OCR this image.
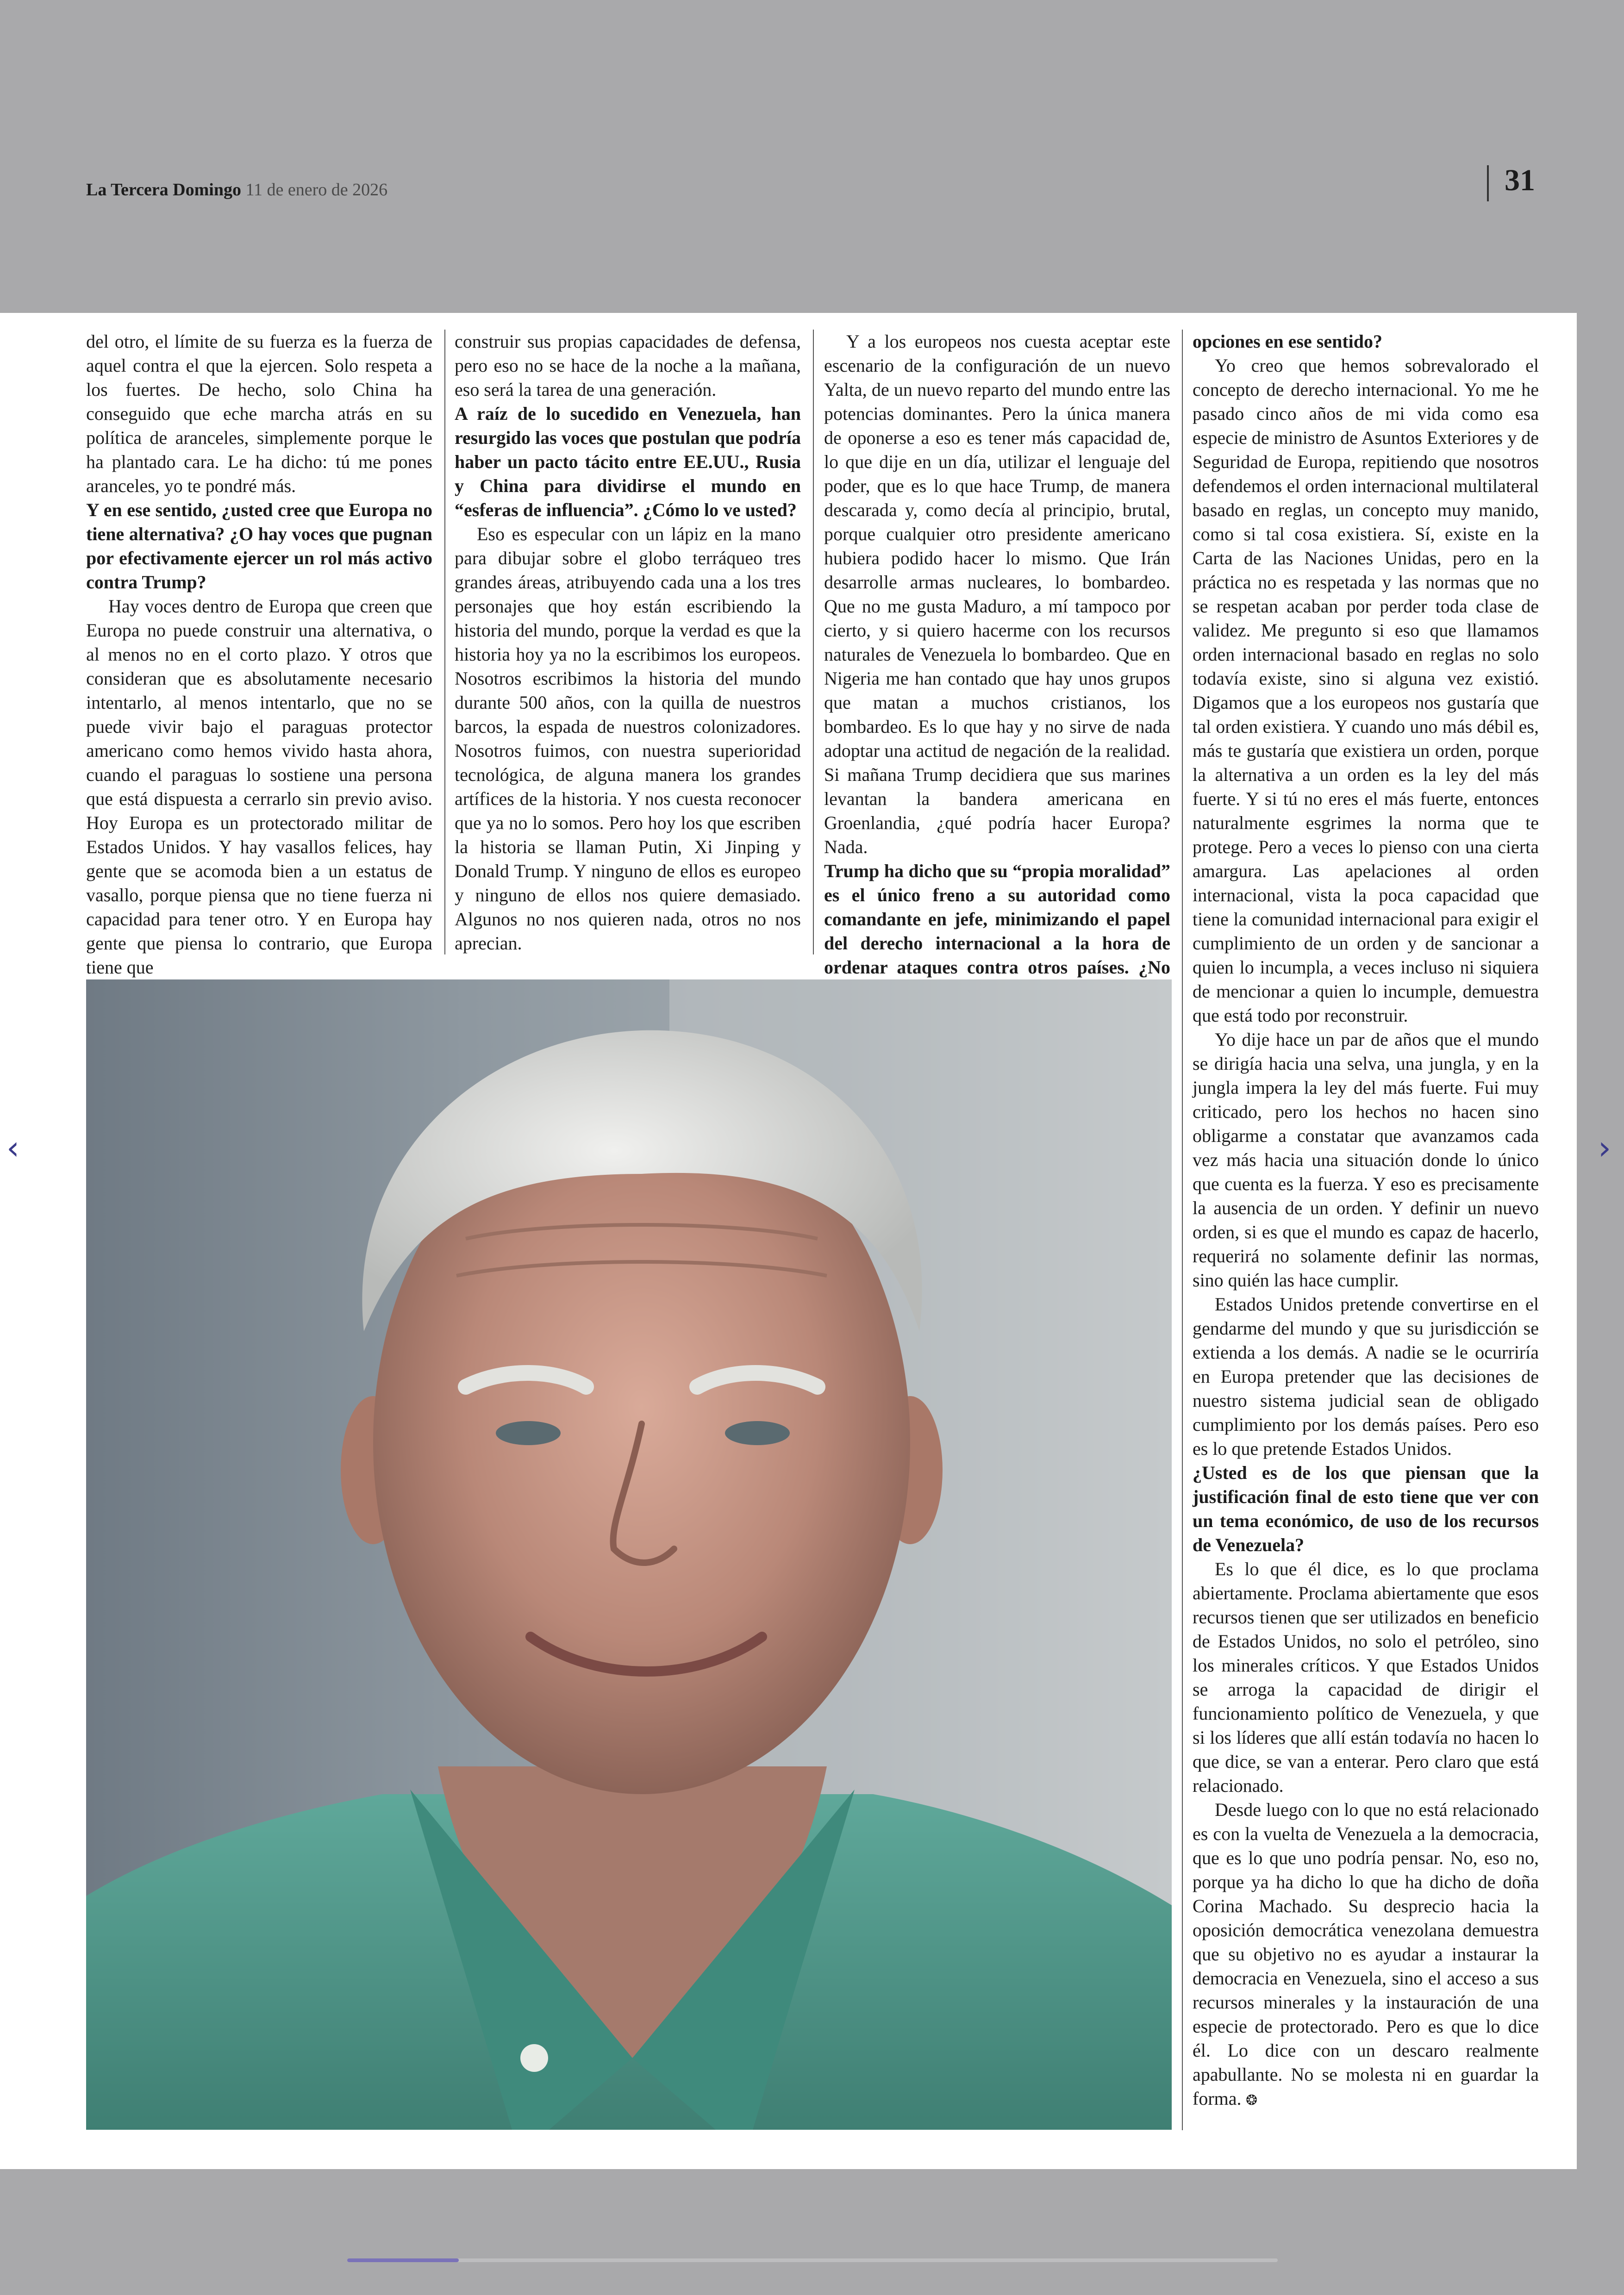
La Tercera Domingo 11 de enero de 2026	31

del otro, el límite de su fuerza es la fuerza de aquel contra el que la ejercen. Solo respeta a los fuertes. De hecho, solo China ha conseguido que eche marcha atrás en su política de aranceles, simplemente porque le ha plantado cara. Le ha dicho: tú me pones aranceles, yo te pondré más.

Y en ese sentido, ¿usted cree que Europa no tiene alternativa? ¿O hay voces que pugnan por efectivamente ejercer un rol más activo contra Trump?

Hay voces dentro de Europa que creen que Europa no puede construir una alternativa, o al menos no en el corto plazo. Y otros que consideran que es absolutamente necesario intentarlo, al menos intentarlo, que no se puede vivir bajo el paraguas protector americano como hemos vivido hasta ahora, cuando el paraguas lo sostiene una persona que está dispuesta a cerrarlo sin previo aviso. Hoy Europa es un protectorado militar de Estados Unidos. Y hay vasallos felices, hay gente que se acomoda bien a un estatus de vasallo, porque piensa que no tiene fuerza ni capacidad para tener otro. Y en Europa hay gente que piensa lo contrario, que Europa tiene que

construir sus propias capacidades de defensa, pero eso no se hace de la noche a la mañana, eso será la tarea de una generación.

A raíz de lo sucedido en Venezuela, han resurgido las voces que postulan que podría haber un pacto tácito entre EE.UU., Rusia y China para dividirse el mundo en “esferas de influencia”. ¿Cómo lo ve usted?

Eso es especular con un lápiz en la mano para dibujar sobre el globo terráqueo tres grandes áreas, atribuyendo cada una a los tres personajes que hoy están escribiendo la historia del mundo, porque la verdad es que la historia hoy ya no la escribimos los europeos. Nosotros escribimos la historia del mundo durante 500 años, con la quilla de nuestros barcos, la espada de nuestros colonizadores. Nosotros fuimos, con nuestra superioridad tecnológica, de alguna manera los grandes artífices de la historia. Y nos cuesta reconocer que ya no lo somos. Pero hoy los que escriben la historia se llaman Putin, Xi Jinping y Donald Trump. Y ninguno de ellos es europeo y ninguno de ellos nos quiere demasiado. Algunos no nos quieren nada, otros no nos aprecian.

Y a los europeos nos cuesta aceptar este escenario de la configuración de un nuevo Yalta, de un nuevo reparto del mundo entre las potencias dominantes. Pero la única manera de oponerse a eso es tener más capacidad de, lo que dije en un día, utilizar el lenguaje del poder, que es lo que hace Trump, de manera descarada y, como decía al principio, brutal, porque cualquier otro presidente americano hubiera podido hacer lo mismo. Que Irán desarrolle armas nucleares, lo bombardeo. Que no me gusta Maduro, a mí tampoco por cierto, y si quiero hacerme con los recursos naturales de Venezuela lo bombardeo. Que en Nigeria me han contado que hay unos grupos que matan a muchos cristianos, los bombardeo. Es lo que hay y no sirve de nada adoptar una actitud de negación de la realidad. Si mañana Trump decidiera que sus marines levantan la bandera americana en Groenlandia, ¿qué podría hacer Europa? Nada.

Trump ha dicho que su “propia moralidad” es el único freno a su autoridad como comandante en jefe, minimizando el papel del derecho internacional a la hora de ordenar ataques contra otros países. ¿No

opciones en ese sentido?

Yo creo que hemos sobrevalorado el concepto de derecho internacional. Yo me he pasado cinco años de mi vida como esa especie de ministro de Asuntos Exteriores y de Seguridad de Europa, repitiendo que nosotros defendemos el orden internacional multilateral basado en reglas, un concepto muy manido, como si tal cosa existiera. Sí, existe en la Carta de las Naciones Unidas, pero en la práctica no es respetada y las normas que no se respetan acaban por perder toda clase de validez. Me pregunto si eso que llamamos orden internacional basado en reglas no solo todavía existe, sino si alguna vez existió. Digamos que a los europeos nos gustaría que tal orden existiera. Y cuando uno más débil es, más te gustaría que existiera un orden, porque la alternativa a un orden es la ley del más fuerte. Y si tú no eres el más fuerte, entonces naturalmente esgrimes la norma que te protege. Pero a veces lo pienso con una cierta amargura. Las apelaciones al orden internacional, vista la poca capacidad que tiene la comunidad internacional para exigir el cumplimiento de un orden y de sancionar a quien lo incumpla, a veces incluso ni siquiera de mencionar a quien lo incumple, demuestra que está todo por reconstruir.

Yo dije hace un par de años que el mundo se dirigía hacia una selva, una jungla, y en la jungla impera la ley del más fuerte. Fui muy criticado, pero los hechos no hacen sino obligarme a constatar que avanzamos cada vez más hacia una situación donde lo único que cuenta es la fuerza. Y eso es precisamente la ausencia de un orden. Y definir un nuevo orden, si es que el mundo es capaz de hacerlo, requerirá no solamente definir las normas, sino quién las hace cumplir.

Estados Unidos pretende convertirse en el gendarme del mundo y que su jurisdicción se extienda a los demás. A nadie se le ocurriría en Europa pretender que las decisiones de nuestro sistema judicial sean de obligado cumplimiento por los demás países. Pero eso es lo que pretende Estados Unidos.

¿Usted es de los que piensan que la justificación final de esto tiene que ver con un tema económico, de uso de los recursos de Venezuela?

Es lo que él dice, es lo que proclama abiertamente. Proclama abiertamente que esos recursos tienen que ser utilizados en beneficio de Estados Unidos, no solo el petróleo, sino los minerales críticos. Y que Estados Unidos se arroga la capacidad de dirigir el funcionamiento político de Venezuela, y que si los líderes que allí están todavía no hacen lo que dice, se van a enterar. Pero claro que está relacionado.

Desde luego con lo que no está relacionado es con la vuelta de Venezuela a la democracia, que es lo que uno podría pensar. No, eso no, porque ya ha dicho lo que ha dicho de doña Corina Machado. Su desprecio hacia la oposición democrática venezolana demuestra que su objetivo no es ayudar a instaurar la democracia en Venezuela, sino el acceso a sus recursos minerales y la instauración de una especie de protectorado. Pero es que lo dice él. Lo dice con un descaro realmente apabullante. No se molesta ni en guardar la forma. ❂

‹	›
